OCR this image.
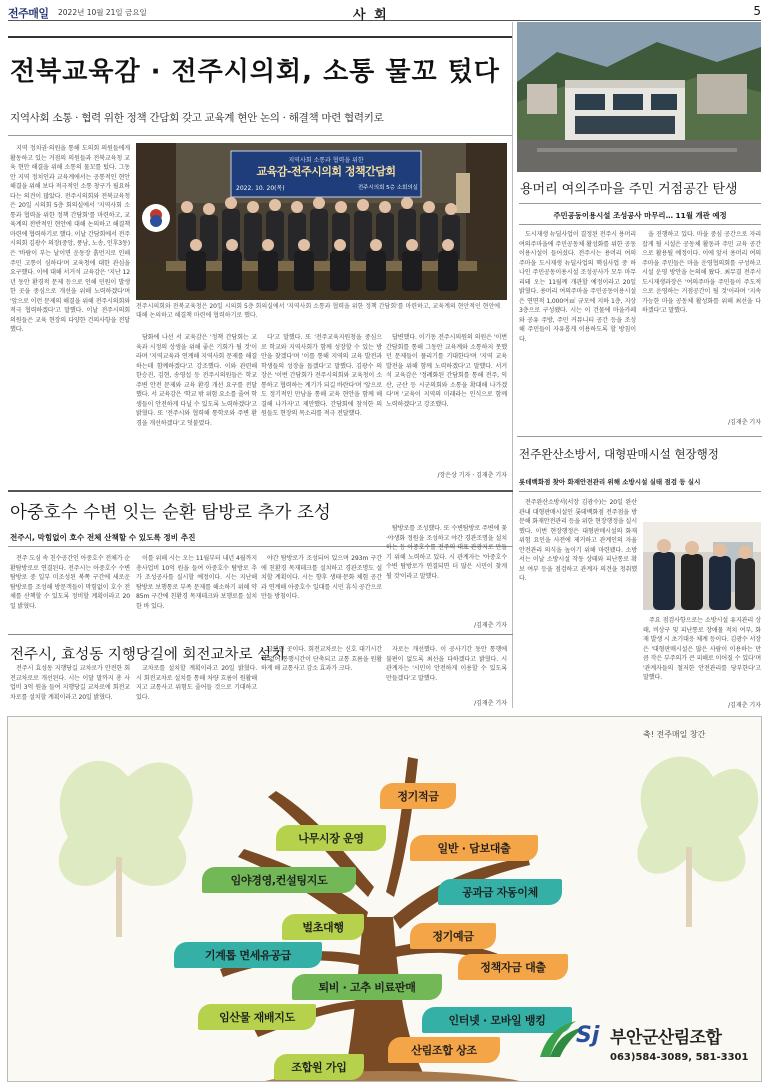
전주매일 2022년 10월 21일 금요일	사 회	5
전북교육감 · 전주시의회, 소통 물꼬 텄다
지역사회 소통 · 협력 위한 정책 간담회 갖고 교육계 현안 논의 · 해결책 마련 협력키로

지역 정치권·의원을 통해 도의회 의원들에게 활동하고 있는 거점의 의원들과 전북교육청 교육 현안 해결을 위해 소통의 물꼬를 텄다. 그동안 지역 정치인과 교육계에서는 공통적인 현안 해결을 위해 보다 적극적인 소통 창구가 필요하다는 의견이 많았다. 전주시의회와 전북교육청은 20일 시의회 5층 회의실에서 '지역사회 소통과 협력을 위한 정책 간담회'를 마련하고, 교육계의 전반적인 현안에 대해 논의하고 해결책 마련에 협력하기로 했다. 이날 간담회에서 전주시의회 김광수 의장(중앙, 풍남, 노송, 인후3동)은 '바람이 부는 날이면 운동장 흙먼지로 인해 주민 고통이 심하다'며 교육청에 대한 관심을 요구했다. 이에 대해 서거석 교육감은 '지난 12년 동안 환경적 문제 등으로 인해 민원이 발생한 곳을 중심으로 개선을 위해 노력하겠다'며 '앞으로 이런 문제의 해결을 위해 전주시의회와 적극 협력하겠다'고 말했다. 이날 전주시의회 의원들은 교육 현장의 다양한 건의사항을 전달했다.

지역사회 소통과 협력을 위한
교육감-전주시의회 정책간담회
2022. 10. 20(목)	전주시의회 5층 소회의실
전주시의회와 전북교육청은 20일 시의회 5층 회의실에서 '지역사회 소통과 협력을 위한 정책 간담회'를 마련하고, 교육계의 현안적인 현안에 대해 논의하고 해결책 마련에 협력하기로 했다.

담화에 나선 서 교육감은 '정책 간담회는 교육과 시정의 상생을 위해 좋은 기회가 될 것'이라며 '지역교육과 연계해 지역사회 문제를 해결하는데 함께하겠다'고 강조했다. 이와 관련해 한승진, 김현, 송영섭 등 전주시의원들은 학교 주변 안전 문제와 교육 환경 개선 요구를 전달했다. 서 교육감은 '학교 밖 위험 요소를 줄여 학생들이 안전하게 다닐 수 있도록 노력하겠다'고 밝혔다. 또 '전주시와 협력해 통학로와 주변 환경을 개선하겠다'고 덧붙였다.

다'고 말했다. 또 '전주교육지원청을 중심으로 학교와 지역사회가 함께 성장할 수 있는 방안을 찾겠다'며 '이를 통해 지역의 교육 발전과 학생들의 성장을 돕겠다'고 말했다. 김광수 의장은 '이번 간담회가 전주시의회와 교육청이 소통하고 협력하는 계기가 되길 바란다'며 '앞으로도 정기적인 만남을 통해 교육 현안을 함께 해결해 나가자'고 제안했다. 간담회에 참석한 의원들도 현장의 목소리를 적극 전달했다.

답변했다. 이기동 전주시의원의 의원은 '이번 간담회를 통해 그동안 교육계와 소통하지 못했던 문제들이 풀리기를 기대한다'며 '지역 교육 발전을 위해 함께 노력하겠다'고 말했다. 서거석 교육감은 '정례화된 간담회를 통해 전주, 익산, 군산 등 시군의회와 소통을 확대해 나가겠다'며 '교육이 지역의 미래라는 인식으로 함께 노력하겠다'고 강조했다.

/장은상 기자 · 김재춘 기자
용머리 여의주마을 주민 거점공간 탄생
주민공동이용시설 조성공사 마무리… 11월 개관 예정

도시재생 뉴딜사업이 결정된 전주시 용머리 여의주마을에 주민공동체 활성화를 위한 공동이용시설이 들어섰다. 전주시는 용머리 여의주마을 도시재생 뉴딜사업의 핵심사업 중 하나인 주민공동이용시설 조성공사가 모두 마무리돼 오는 11월께 개관할 예정이라고 20일 밝혔다. 용머리 여의주마을 주민공동이용시설은 연면적 1,000여㎡ 규모에 지하 1층, 지상 3층으로 구성됐다. 시는 이 건물에 마을카페와 공유 주방, 주민 커뮤니티 공간 등을 조성해 주민들이 자유롭게 이용하도록 할 방침이다.

을 진행하고 있다. 마을 중심 공간으로 자리 잡게 될 시설은 공동체 활동과 주민 교육 공간으로 활용될 예정이다. 이에 앞서 용머리 여의주마을 주민들은 마을 운영협의회를 구성하고 시설 운영 방안을 논의해 왔다. 최무결 전주시 도시재생과장은 '여의주마을 주민들이 주도적으로 운영하는 거점공간이 될 것'이라며 '지속 가능한 마을 공동체 활성화를 위해 최선을 다하겠다'고 말했다.

/김재춘 기자
전주완산소방서, 대형판매시설 현장행정
롯데백화점 찾아 화재안전관리 위해 소방시설 실태 점검 등 실시

전주완산소방서(서장 김광수)는 20일 완산 관내 대형판매시설인 롯데백화점 전주점을 방문해 화재안전관리 등을 위한 현장행정을 실시했다. 이번 현장행정은 대형판매시설의 화재 위험 요인을 사전에 제거하고 관계인의 자율 안전관리 의식을 높이기 위해 마련됐다. 소방서는 이날 소방시설 작동 상태와 피난통로 확보 여부 등을 점검하고 관계자 의견을 청취했다.

주요 점검사항으로는 소방시설 유지관리 상태, 비상구 및 피난통로 장애물 적치 여부, 화재 발생 시 초기대응 체계 등이다. 김광수 서장은 '대형판매시설은 많은 사람이 이용하는 만큼 작은 부주의가 큰 피해로 이어질 수 있다'며 '관계자들의 철저한 안전관리를 당부한다'고 말했다.

/김재춘 기자
아중호수 수변 잇는 순환 탐방로 추가 조성
전주시, 막힘없이 호수 전체 산책할 수 있도록 정비 추진

전주 도심 속 친수공간인 아중호수 전체가 순환탐방로로 연결된다. 전주시는 아중호수 수변탐방로 중 일부 미조성된 북쪽 구간에 새로운 탐방로를 조성해 방문객들이 막힘없이 호수 전체를 산책할 수 있도록 정비할 계획이라고 20일 밝혔다.

이를 위해 시는 오는 11월부터 내년 4월까지 총사업비 10억 원을 들여 아중호수 탐방로 추가 조성공사를 실시할 예정이다. 시는 지난해 탐방로 보행통로 부족 문제를 해소하기 위해 약 85m 구간에 친환경 목재데크와 보행로를 설치한 바 있다.

야간 탐방로가 조성되어 있으며 293m 구간에 친환경 목재데크를 설치하고 경관조명도 설치할 계획이다. 시는 향후 생태·문화 체험 공간과 연계해 아중호수 일대를 시민 휴식 공간으로 만들 방침이다.

탐방로를 조성했다. 또 수변탐방로 주변에 꽃·야생화 정원을 조성하고 야간 경관조명을 설치하는 등 아중호수를 전주의 대표 관광지로 만들기 위해 노력하고 있다. 시 관계자는 '아중호수 수변 탐방로가 연결되면 더 많은 시민이 찾게 될 것'이라고 말했다.

/김재춘 기자
전주시, 효성동 지행당길에 회전교차로 설치

전주시 효성동 지행당길 교차로가 안전한 회전교차로로 개선된다. 시는 이달 말까지 총 사업비 3억 원을 들여 지행당길 교차로에 회전교차로를 설치할 계획이라고 20일 밝혔다.

교차로를 설치할 계획이라고 20일 밝혔다. 시 회전교차로 설치를 통해 차량 흐름이 원활해지고 교통사고 위험도 줄어들 것으로 기대하고 있다.

급했던 곳이다. 회전교차로는 신호 대기시간이 없어 통행시간이 단축되고 교통 흐름을 원활하게 해 교통사고 감소 효과가 크다.

자로는 개선했다. 이 공사기간 동안 통행에 불편이 없도록 최선을 다하겠다고 밝혔다. 시 관계자는 '시민이 안전하게 이용할 수 있도록 만들겠다'고 말했다.

/김재춘 기자
축! 전주매일 창간
정기적금
나무시장 운영
일반 · 담보대출
임야경영,컨설팅지도
공과금 자동이체
벌초대행
정기예금
기계톱 면세유공급
정책자금 대출
퇴비 · 고추 비료판매
임산물 재배지도	인터넷 · 모바일 뱅킹
산림조합 상조
조합원 가입
Sj 부안군산림조합
063)584-3089, 581-3301
